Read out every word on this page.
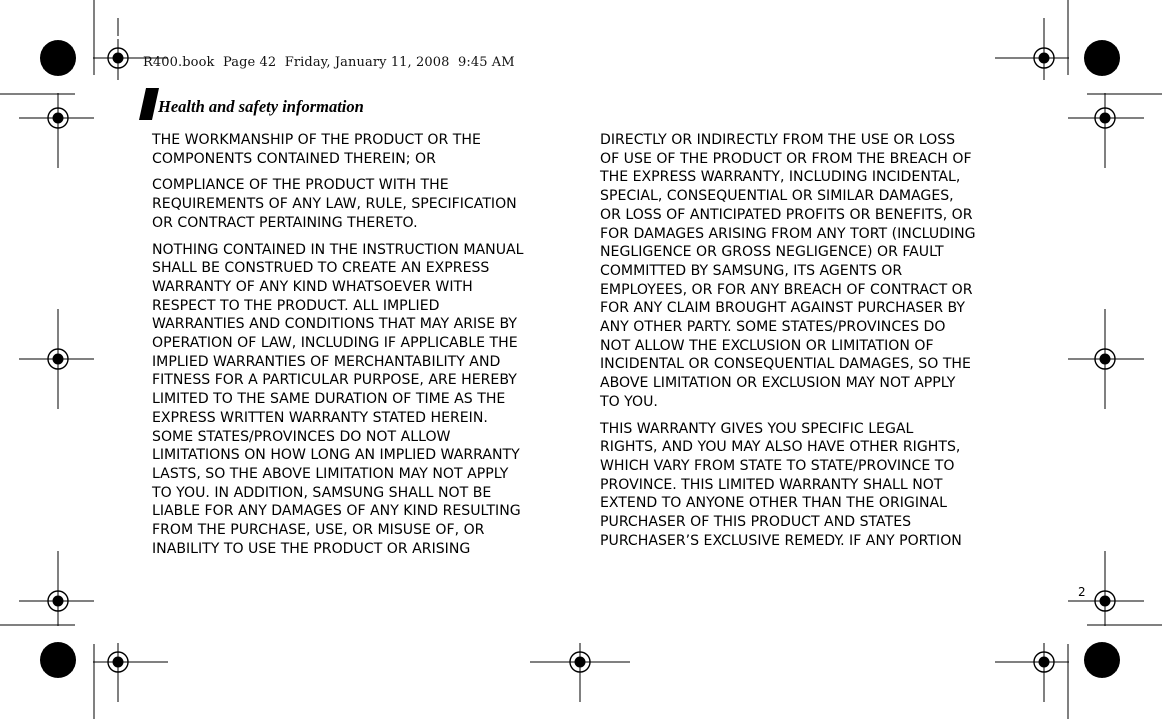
R400.book  Page 42  Friday, January 11, 2008  9:45 AM
Health and safety information

THE WORKMANSHIP OF THE PRODUCT OR THE
COMPONENTS CONTAINED THEREIN; OR

COMPLIANCE OF THE PRODUCT WITH THE
REQUIREMENTS OF ANY LAW, RULE, SPECIFICATION
OR CONTRACT PERTAINING THERETO.

NOTHING CONTAINED IN THE INSTRUCTION MANUAL
SHALL BE CONSTRUED TO CREATE AN EXPRESS
WARRANTY OF ANY KIND WHATSOEVER WITH
RESPECT TO THE PRODUCT. ALL IMPLIED
WARRANTIES AND CONDITIONS THAT MAY ARISE BY
OPERATION OF LAW, INCLUDING IF APPLICABLE THE
IMPLIED WARRANTIES OF MERCHANTABILITY AND
FITNESS FOR A PARTICULAR PURPOSE, ARE HEREBY
LIMITED TO THE SAME DURATION OF TIME AS THE
EXPRESS WRITTEN WARRANTY STATED HEREIN.
SOME STATES/PROVINCES DO NOT ALLOW
LIMITATIONS ON HOW LONG AN IMPLIED WARRANTY
LASTS, SO THE ABOVE LIMITATION MAY NOT APPLY
TO YOU. IN ADDITION, SAMSUNG SHALL NOT BE
LIABLE FOR ANY DAMAGES OF ANY KIND RESULTING
FROM THE PURCHASE, USE, OR MISUSE OF, OR
INABILITY TO USE THE PRODUCT OR ARISING

DIRECTLY OR INDIRECTLY FROM THE USE OR LOSS
OF USE OF THE PRODUCT OR FROM THE BREACH OF
THE EXPRESS WARRANTY, INCLUDING INCIDENTAL,
SPECIAL, CONSEQUENTIAL OR SIMILAR DAMAGES,
OR LOSS OF ANTICIPATED PROFITS OR BENEFITS, OR
FOR DAMAGES ARISING FROM ANY TORT (INCLUDING
NEGLIGENCE OR GROSS NEGLIGENCE) OR FAULT
COMMITTED BY SAMSUNG, ITS AGENTS OR
EMPLOYEES, OR FOR ANY BREACH OF CONTRACT OR
FOR ANY CLAIM BROUGHT AGAINST PURCHASER BY
ANY OTHER PARTY. SOME STATES/PROVINCES DO
NOT ALLOW THE EXCLUSION OR LIMITATION OF
INCIDENTAL OR CONSEQUENTIAL DAMAGES, SO THE
ABOVE LIMITATION OR EXCLUSION MAY NOT APPLY
TO YOU.

THIS WARRANTY GIVES YOU SPECIFIC LEGAL
RIGHTS, AND YOU MAY ALSO HAVE OTHER RIGHTS,
WHICH VARY FROM STATE TO STATE/PROVINCE TO
PROVINCE. THIS LIMITED WARRANTY SHALL NOT
EXTEND TO ANYONE OTHER THAN THE ORIGINAL
PURCHASER OF THIS PRODUCT AND STATES
PURCHASER’S EXCLUSIVE REMEDY. IF ANY PORTION

2
